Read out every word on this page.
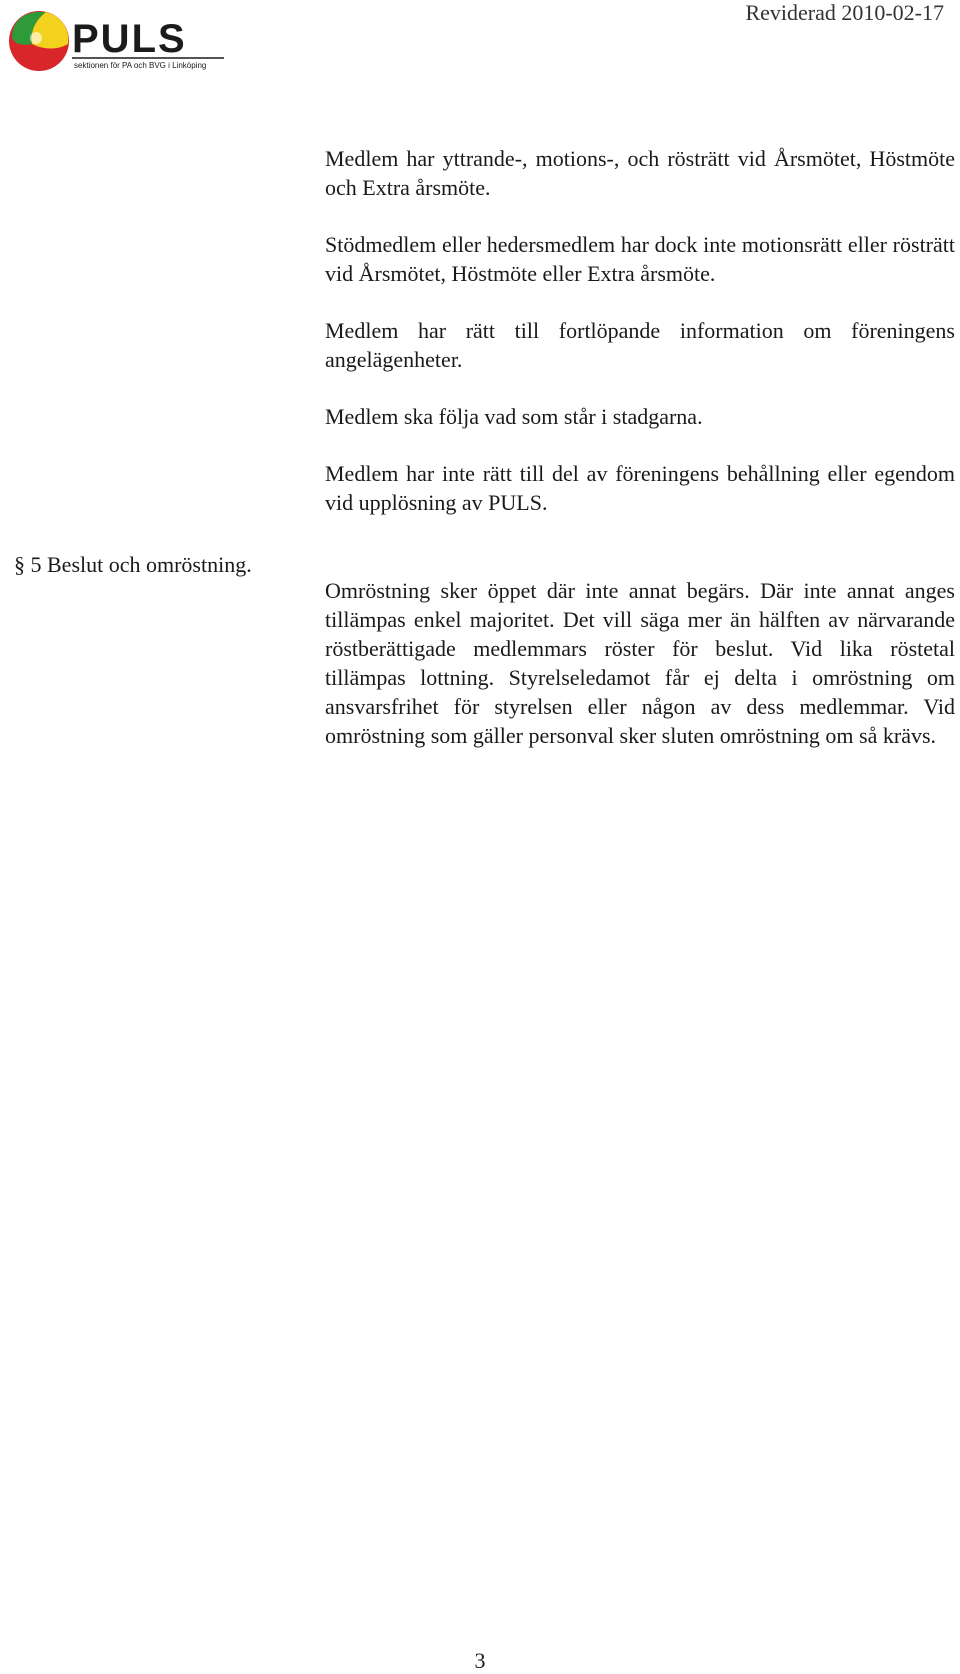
PULS
sektionen för PA och BVG i Linköping
Reviderad 2010-02-17

Medlem har yttrande-, motions-, och rösträtt vid Årsmötet, Höstmöte och Extra årsmöte.

Stödmedlem eller hedersmedlem har dock inte motionsrätt eller rösträtt vid Årsmötet, Höstmöte eller Extra årsmöte.

Medlem har rätt till fortlöpande information om föreningens angelägenheter.

Medlem ska följa vad som står i stadgarna.

Medlem har inte rätt till del av föreningens behållning eller egendom vid upplösning av PULS.

§ 5 Beslut och omröstning.

Omröstning sker öppet där inte annat begärs. Där inte annat anges tillämpas enkel majoritet. Det vill säga mer än hälften av närvarande röstberättigade medlemmars röster för beslut. Vid lika röstetal tillämpas lottning. Styrelseledamot får ej delta i omröstning om ansvarsfrihet för styrelsen eller någon av dess medlemmar. Vid omröstning som gäller personval sker sluten omröstning om så krävs.

3
